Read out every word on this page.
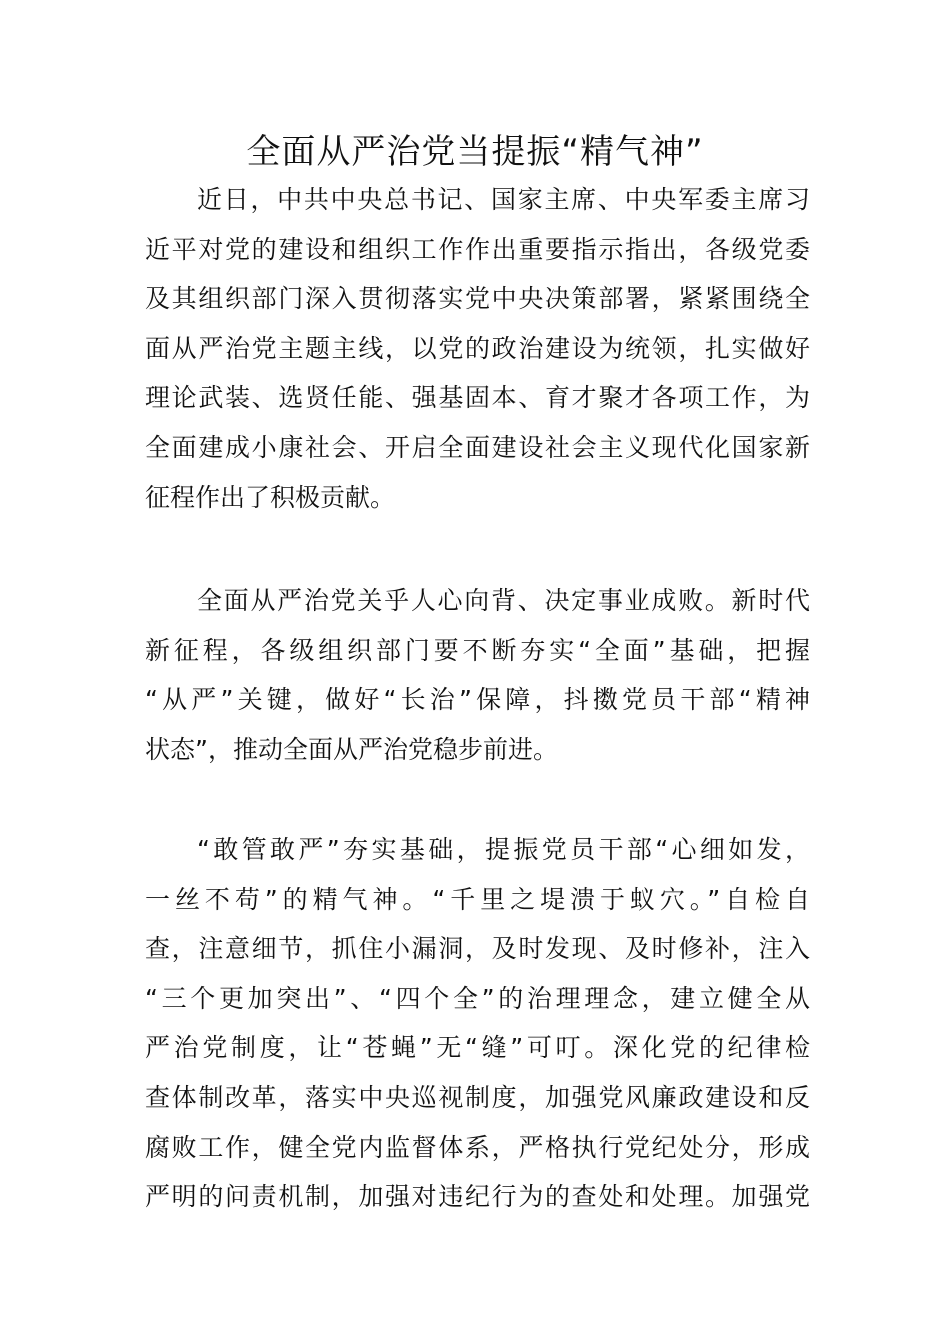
全面从严治党当提振“精气神”
近日，中共中央总书记、国家主席、中央军委主席习
近平对党的建设和组织工作作出重要指示指出，各级党委
及其组织部门深入贯彻落实党中央决策部署，紧紧围绕全
面从严治党主题主线，以党的政治建设为统领，扎实做好
理论武装、选贤任能、强基固本、育才聚才各项工作，为
全面建成小康社会、开启全面建设社会主义现代化国家新
征程作出了积极贡献。
全面从严治党关乎人心向背、决定事业成败。新时代
新征程，各级组织部门要不断夯实“全面”基础，把握
“从严”关键，做好“长治”保障，抖擞党员干部“精神
状态”，推动全面从严治党稳步前进。
“敢管敢严”夯实基础，提振党员干部“心细如发，
一丝不苟”的精气神。“千里之堤溃于蚁穴。”自检自
查，注意细节，抓住小漏洞，及时发现、及时修补，注入
“三个更加突出”、“四个全”的治理理念，建立健全从
严治党制度，让“苍蝇”无“缝”可叮。深化党的纪律检
查体制改革，落实中央巡视制度，加强党风廉政建设和反
腐败工作，健全党内监督体系，严格执行党纪处分，形成
严明的问责机制，加强对违纪行为的查处和处理。加强党
